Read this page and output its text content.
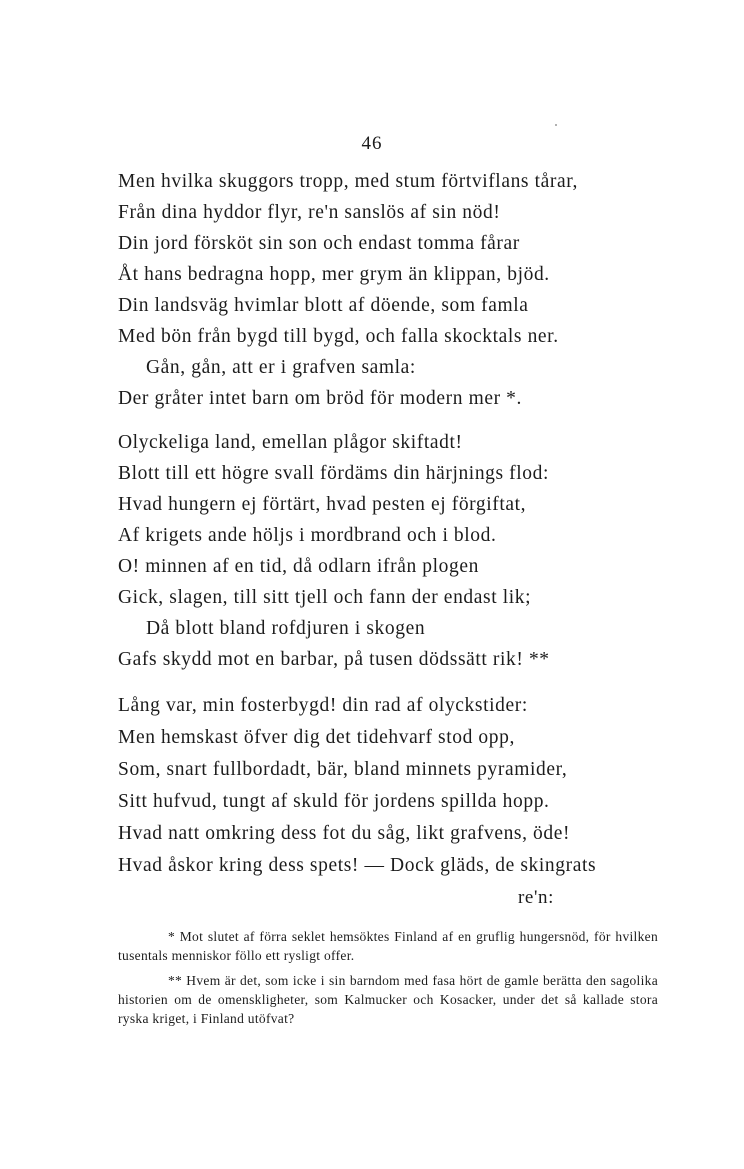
46
Men hvilka skuggors tropp, med stum förtviflans tårar,
Från dina hyddor flyr, re'n sanslös af sin nöd!
Din jord försköt sin son och endast tomma fårar
Åt hans bedragna hopp, mer grym än klippan, bjöd.
Din landsväg hvimlar blott af döende, som famla
Med bön från bygd till bygd, och falla skocktals ner.
Gån, gån, att er i grafven samla:
Der gråter intet barn om bröd för modern mer *.
Olyckeliga land, emellan plågor skiftadt!
Blott till ett högre svall fördäms din härjnings flod:
Hvad hungern ej förtärt, hvad pesten ej förgiftat,
Af krigets ande höljs i mordbrand och i blod.
O! minnen af en tid, då odlarn ifrån plogen
Gick, slagen, till sitt tjell och fann der endast lik;
Då blott bland rofdjuren i skogen
Gafs skydd mot en barbar, på tusen dödssätt rik! **
Lång var, min fosterbygd! din rad af olyckstider:
Men hemskast öfver dig det tidehvarf stod opp,
Som, snart fullbordadt, bär, bland minnets pyramider,
Sitt hufvud, tungt af skuld för jordens spillda hopp.
Hvad natt omkring dess fot du såg, likt grafvens, öde!
Hvad åskor kring dess spets! — Dock gläds, de skingrats
re'n:
* Mot slutet af förra seklet hemsöktes Finland af en gruflig hungersnöd, för hvilken tusentals menniskor föllo ett rysligt offer.
** Hvem är det, som icke i sin barndom med fasa hört de gamle berätta den sagolika historien om de omenskligheter, som Kalmucker och Kosacker, under det så kallade stora ryska kriget, i Finland utöfvat?
